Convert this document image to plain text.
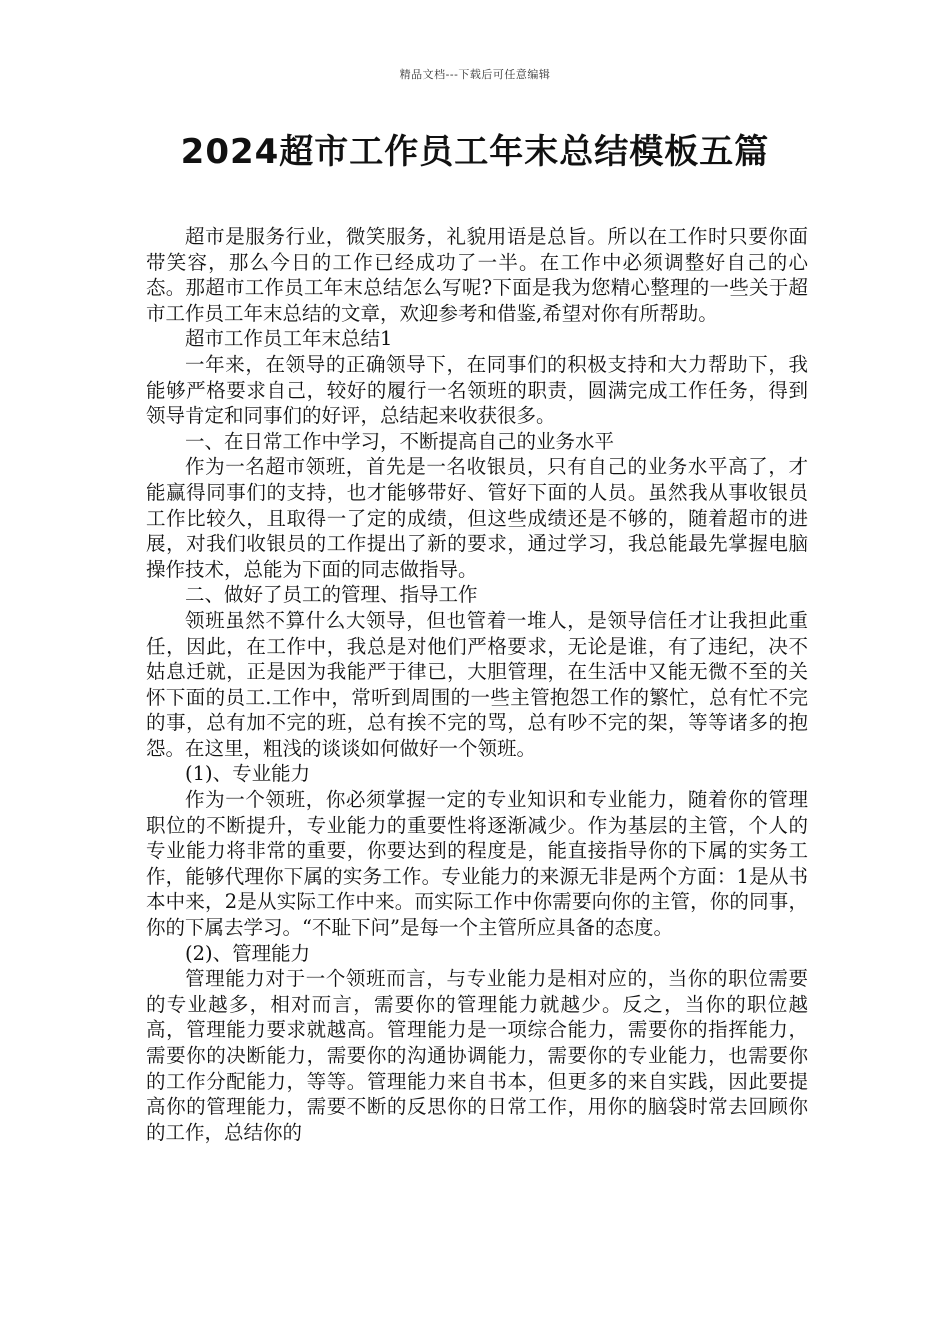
精品文档---下载后可任意编辑
2024超市工作员工年末总结模板五篇

超市是服务行业，微笑服务，礼貌用语是总旨。所以在工作时只要你面带笑容，那么今日的工作已经成功了一半。在工作中必须调整好自己的心态。那超市工作员工年末总结怎么写呢?下面是我为您精心整理的一些关于超市工作员工年末总结的文章，欢迎参考和借鉴,希望对你有所帮助。

超市工作员工年末总结1

一年来，在领导的正确领导下，在同事们的积极支持和大力帮助下，我能够严格要求自己，较好的履行一名领班的职责，圆满完成工作任务，得到领导肯定和同事们的好评，总结起来收获很多。

一、在日常工作中学习，不断提高自己的业务水平

作为一名超市领班，首先是一名收银员，只有自己的业务水平高了，才能赢得同事们的支持，也才能够带好、管好下面的人员。虽然我从事收银员工作比较久，且取得一了定的成绩，但这些成绩还是不够的，随着超市的进展，对我们收银员的工作提出了新的要求，通过学习，我总能最先掌握电脑操作技术，总能为下面的同志做指导。

二、做好了员工的管理、指导工作

领班虽然不算什么大领导，但也管着一堆人，是领导信任才让我担此重任，因此，在工作中，我总是对他们严格要求，无论是谁，有了违纪，决不姑息迁就，正是因为我能严于律已，大胆管理，在生活中又能无微不至的关怀下面的员工.工作中，常听到周围的一些主管抱怨工作的繁忙，总有忙不完的事，总有加不完的班，总有挨不完的骂，总有吵不完的架，等等诸多的抱怨。在这里，粗浅的谈谈如何做好一个领班。

(1)、专业能力

作为一个领班，你必须掌握一定的专业知识和专业能力，随着你的管理职位的不断提升，专业能力的重要性将逐渐减少。作为基层的主管，个人的专业能力将非常的重要，你要达到的程度是，能直接指导你的下属的实务工作，能够代理你下属的实务工作。专业能力的来源无非是两个方面：1是从书本中来，2是从实际工作中来。而实际工作中你需要向你的主管，你的同事，你的下属去学习。“不耻下问”是每一个主管所应具备的态度。

(2)、管理能力

管理能力对于一个领班而言，与专业能力是相对应的，当你的职位需要的专业越多，相对而言，需要你的管理能力就越少。反之，当你的职位越高，管理能力要求就越高。管理能力是一项综合能力，需要你的指挥能力，需要你的决断能力，需要你的沟通协调能力，需要你的专业能力，也需要你的工作分配能力，等等。管理能力来自书本，但更多的来自实践，因此要提高你的管理能力，需要不断的反思你的日常工作，用你的脑袋时常去回顾你的工作，总结你的
